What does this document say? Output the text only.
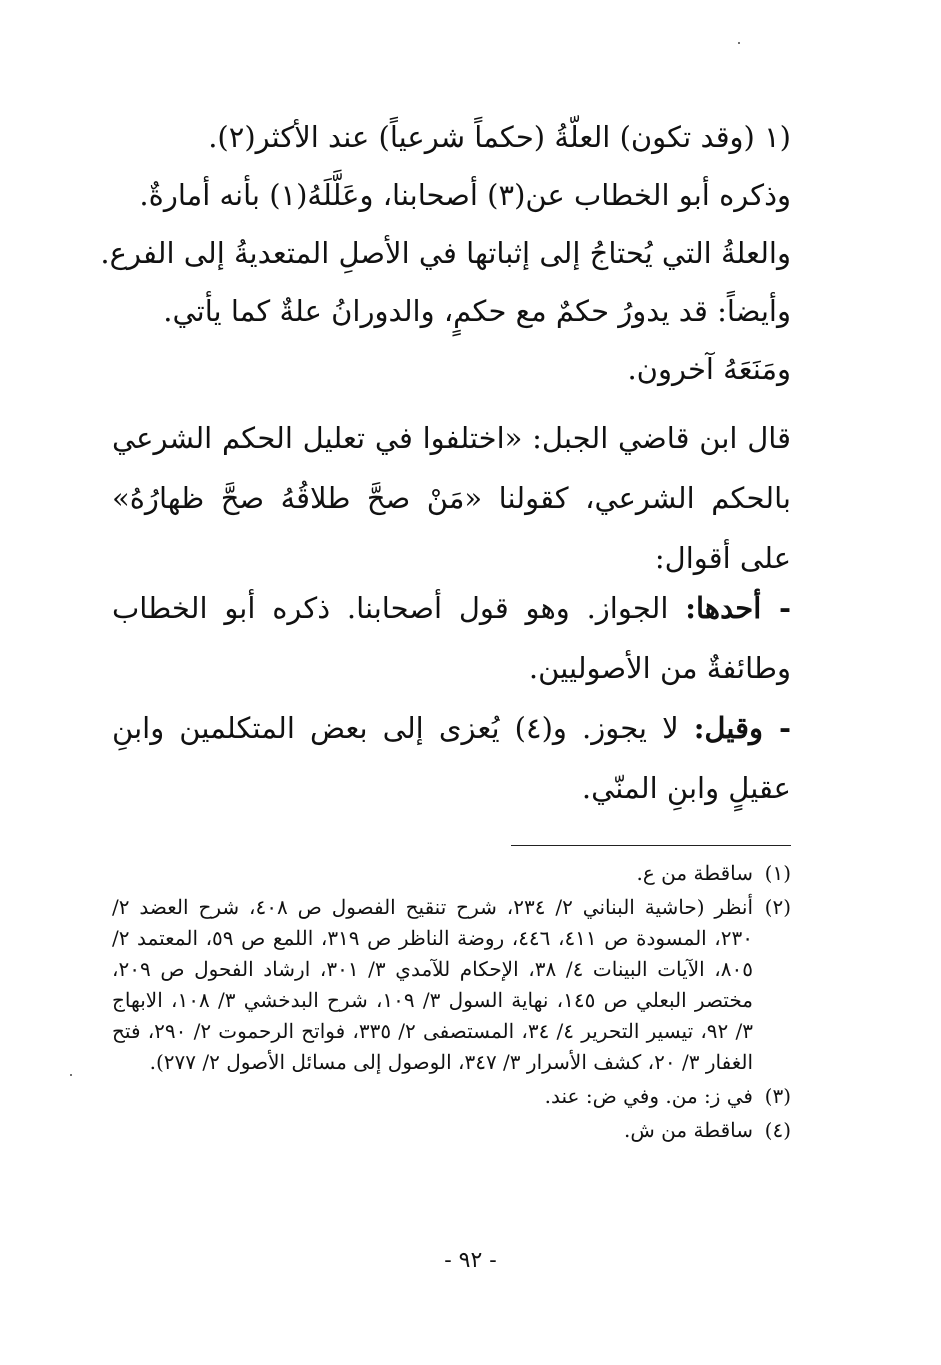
(١ (وقد تكون) العلّةُ (حكماً شرعياً) عند الأكثر(٢).
وذكره أبو الخطاب عن(٣) أصحابنا، وعَلَّلَهُ(١) بأنه أمارةٌ.
والعلةُ التي يُحتاجُ إلى إثباتها في الأصلِ المتعديةُ إلى الفرع.
وأيضاً: قد يدورُ حكمٌ مع حكمٍ، والدورانُ علةٌ كما يأتي.
ومَنَعَهُ آخرون.
قال ابن قاضي الجبل: «اختلفوا في تعليل الحكم الشرعي بالحكم الشرعي، كقولنا «مَنْ صحَّ طلاقُهُ صحَّ ظهارُهُ» على أقوال:
- أحدها: الجواز. وهو قول أصحابنا. ذكره أبو الخطاب وطائفةٌ من الأصوليين.
- وقيل: لا يجوز. و(٤) يُعزى إلى بعض المتكلمين وابنِ عقيلٍ وابنِ المنّي.
(١)
ساقطة من ع.
(٢)
أنظر (حاشية البناني ٢/ ٢٣٤، شرح تنقيح الفصول ص ٤٠٨، شرح العضد ٢/ ٢٣٠، المسودة ص ٤١١، ٤٤٦، روضة الناظر ص ٣١٩، اللمع ص ٥٩، المعتمد ٢/ ٨٠٥، الآيات البينات ٤/ ٣٨، الإحكام للآمدي ٣/ ٣٠١، ارشاد الفحول ص ٢٠٩، مختصر البعلي ص ١٤٥، نهاية السول ٣/ ١٠٩، شرح البدخشي ٣/ ١٠٨، الابهاج ٣/ ٩٢، تيسير التحرير ٤/ ٣٤، المستصفى ٢/ ٣٣٥، فواتح الرحموت ٢/ ٢٩٠، فتح الغفار ٣/ ٢٠، كشف الأسرار ٣/ ٣٤٧، الوصول إلى مسائل الأصول ٢/ ٢٧٧).
(٣)
في ز: من. وفي ض: عند.
(٤)
ساقطة من ش.
- ٩٢ -
